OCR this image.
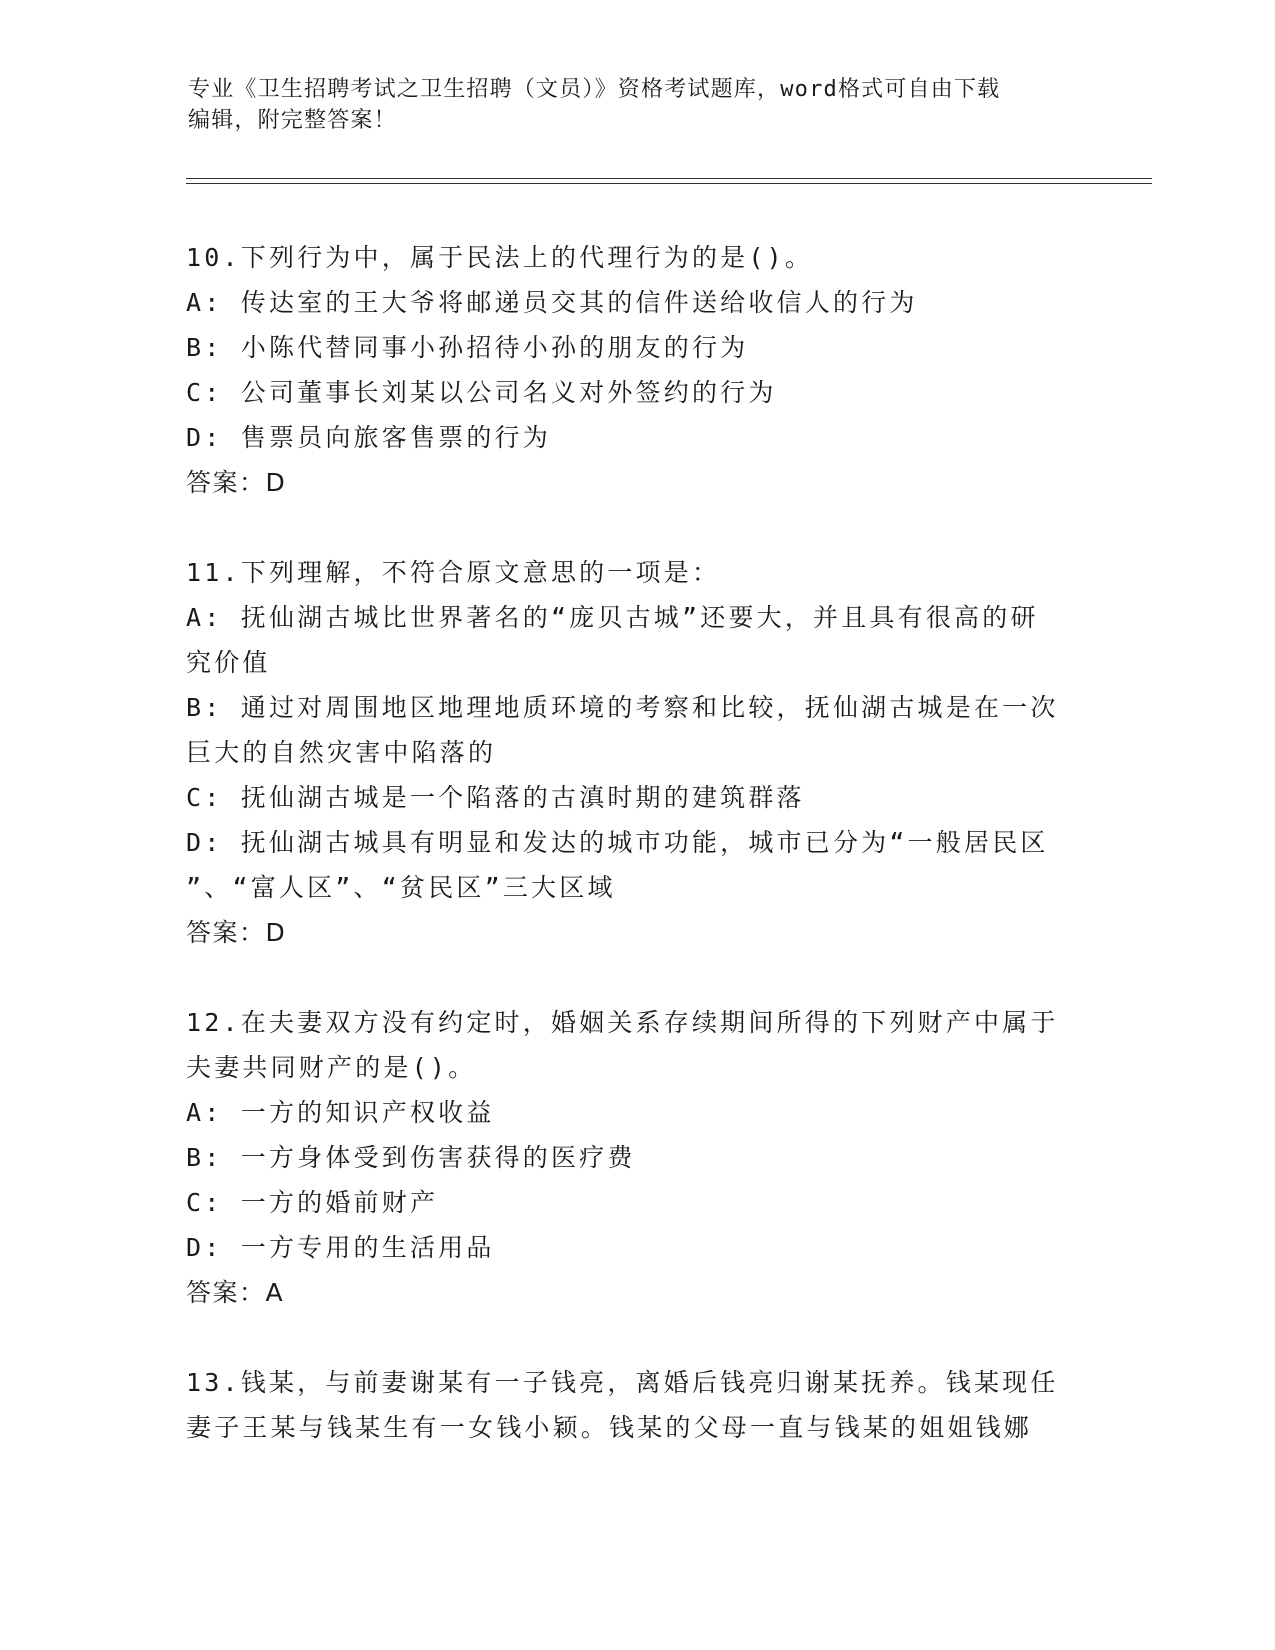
专业《卫生招聘考试之卫生招聘（文员）》资格考试题库，word格式可自由下载
编辑，附完整答案！
10.下列行为中，属于民法上的代理行为的是()。
A: 传达室的王大爷将邮递员交其的信件送给收信人的行为
B: 小陈代替同事小孙招待小孙的朋友的行为
C: 公司董事长刘某以公司名义对外签约的行为
D: 售票员向旅客售票的行为
答案：D
11.下列理解，不符合原文意思的一项是：
A: 抚仙湖古城比世界著名的“庞贝古城”还要大，并且具有很高的研
究价值
B: 通过对周围地区地理地质环境的考察和比较，抚仙湖古城是在一次
巨大的自然灾害中陷落的
C: 抚仙湖古城是一个陷落的古滇时期的建筑群落
D: 抚仙湖古城具有明显和发达的城市功能，城市已分为“一般居民区
”、“富人区”、“贫民区”三大区域
答案：D
12.在夫妻双方没有约定时，婚姻关系存续期间所得的下列财产中属于
夫妻共同财产的是()。
A: 一方的知识产权收益
B: 一方身体受到伤害获得的医疗费
C: 一方的婚前财产
D: 一方专用的生活用品
答案：A
13.钱某，与前妻谢某有一子钱亮，离婚后钱亮归谢某抚养。钱某现任
妻子王某与钱某生有一女钱小颖。钱某的父母一直与钱某的姐姐钱娜
